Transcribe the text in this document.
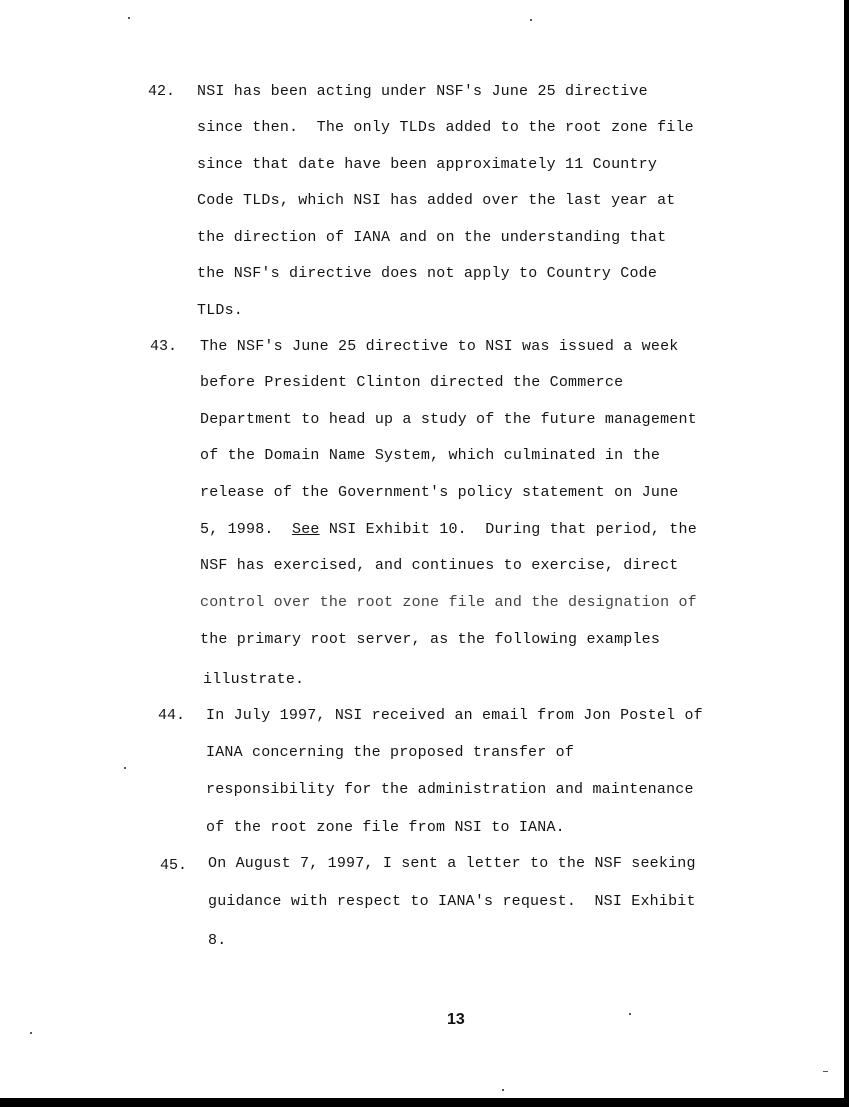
42. NSI has been acting under NSF's June 25 directive
since then.  The only TLDs added to the root zone file
since that date have been approximately 11 Country
Code TLDs, which NSI has added over the last year at
the direction of IANA and on the understanding that
the NSF's directive does not apply to Country Code
TLDs.
43. The NSF's June 25 directive to NSI was issued a week
before President Clinton directed the Commerce
Department to head up a study of the future management
of the Domain Name System, which culminated in the
release of the Government's policy statement on June
5, 1998. See NSI Exhibit 10.  During that period, the
NSF has exercised, and continues to exercise, direct
control over the root zone file and the designation of
the primary root server, as the following examples
illustrate.
44. In July 1997, NSI received an email from Jon Postel of
IANA concerning the proposed transfer of
responsibility for the administration and maintenance
of the root zone file from NSI to IANA.
45. On August 7, 1997, I sent a letter to the NSF seeking
guidance with respect to IANA's request.  NSI Exhibit
8.
13
